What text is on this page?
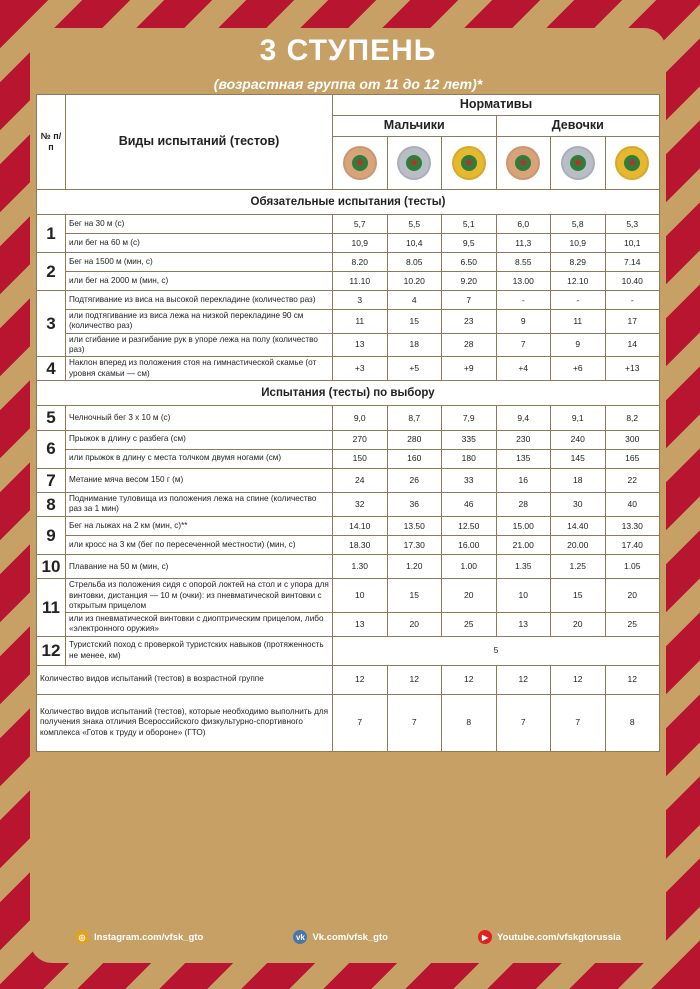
3 СТУПЕНЬ
(возрастная группа от 11 до 12 лет)*
№ п/п	Виды испытаний (тестов)	Нормативы					
		Мальчики			Девочки		

		★	★	★	★	★	★

Обязательные испытания (тесты)							
1	Бег на 30 м (с)	5,7	5,5	5,1	6,0	5,8	5,3
	или бег на 60 м (с)	10,9	10,4	9,5	11,3	10,9	10,1
2	Бег на 1500 м (мин, с)	8.20	8.05	6.50	8.55	8.29	7.14
	или бег на 2000 м (мин, с)	11.10	10.20	9.20	13.00	12.10	10.40
3	Подтягивание из виса на высокой перекладине (количество раз)	3	4	7	-	-	-
	или подтягивание из виса лежа на низкой перекладине 90 см (количество раз)	11	15	23	9	11	17
	или сгибание и разгибание рук в упоре лежа на полу (количество раз)	13	18	28	7	9	14
4	Наклон вперед из положения стоя на гимнастической скамье (от уровня скамьи — см)	+3	+5	+9	+4	+6	+13
Испытания (тесты) по выбору							
5	Челночный бег 3 х 10 м (с)	9,0	8,7	7,9	9,4	9,1	8,2
6	Прыжок в длину с разбега (см)	270	280	335	230	240	300
	или прыжок в длину с места толчком двумя ногами (см)	150	160	180	135	145	165
7	Метание мяча весом 150 г (м)	24	26	33	16	18	22
8	Поднимание туловища из положения лежа на спине (количество раз за 1 мин)	32	36	46	28	30	40
9	Бег на лыжах на 2 км (мин, с)**	14.10	13.50	12.50	15.00	14.40	13.30
	или кросс на 3 км (бег по пересеченной местности) (мин, с)	18.30	17.30	16.00	21.00	20.00	17.40
10	Плавание на 50 м (мин, с)	1.30	1.20	1.00	1.35	1.25	1.05
11	Стрельба из положения сидя с опорой локтей на стол и с упора для винтовки, дистанция — 10 м (очки): из пневматической винтовки с открытым прицелом	10	15	20	10	15	20
	или из пневматической винтовки с диоптрическим прицелом, либо «электронного оружия»	13	20	25	13	20	25
12	Туристский поход с проверкой туристских навыков (протяженность не менее, км)	5					
Количество видов испытаний (тестов) в возрастной группе		12	12	12	12	12	12
Количество видов испытаний (тестов), которые необходимо выполнить для получения знака отличия Всероссийского физкультурно-спортивного комплекса «Готов к труду и обороне» (ГТО)		7	7	8	7	7	8
◎ Instagram.com/vfsk_gto	vk Vk.com/vfsk_gto	▶ Youtube.com/vfskgtorussia
